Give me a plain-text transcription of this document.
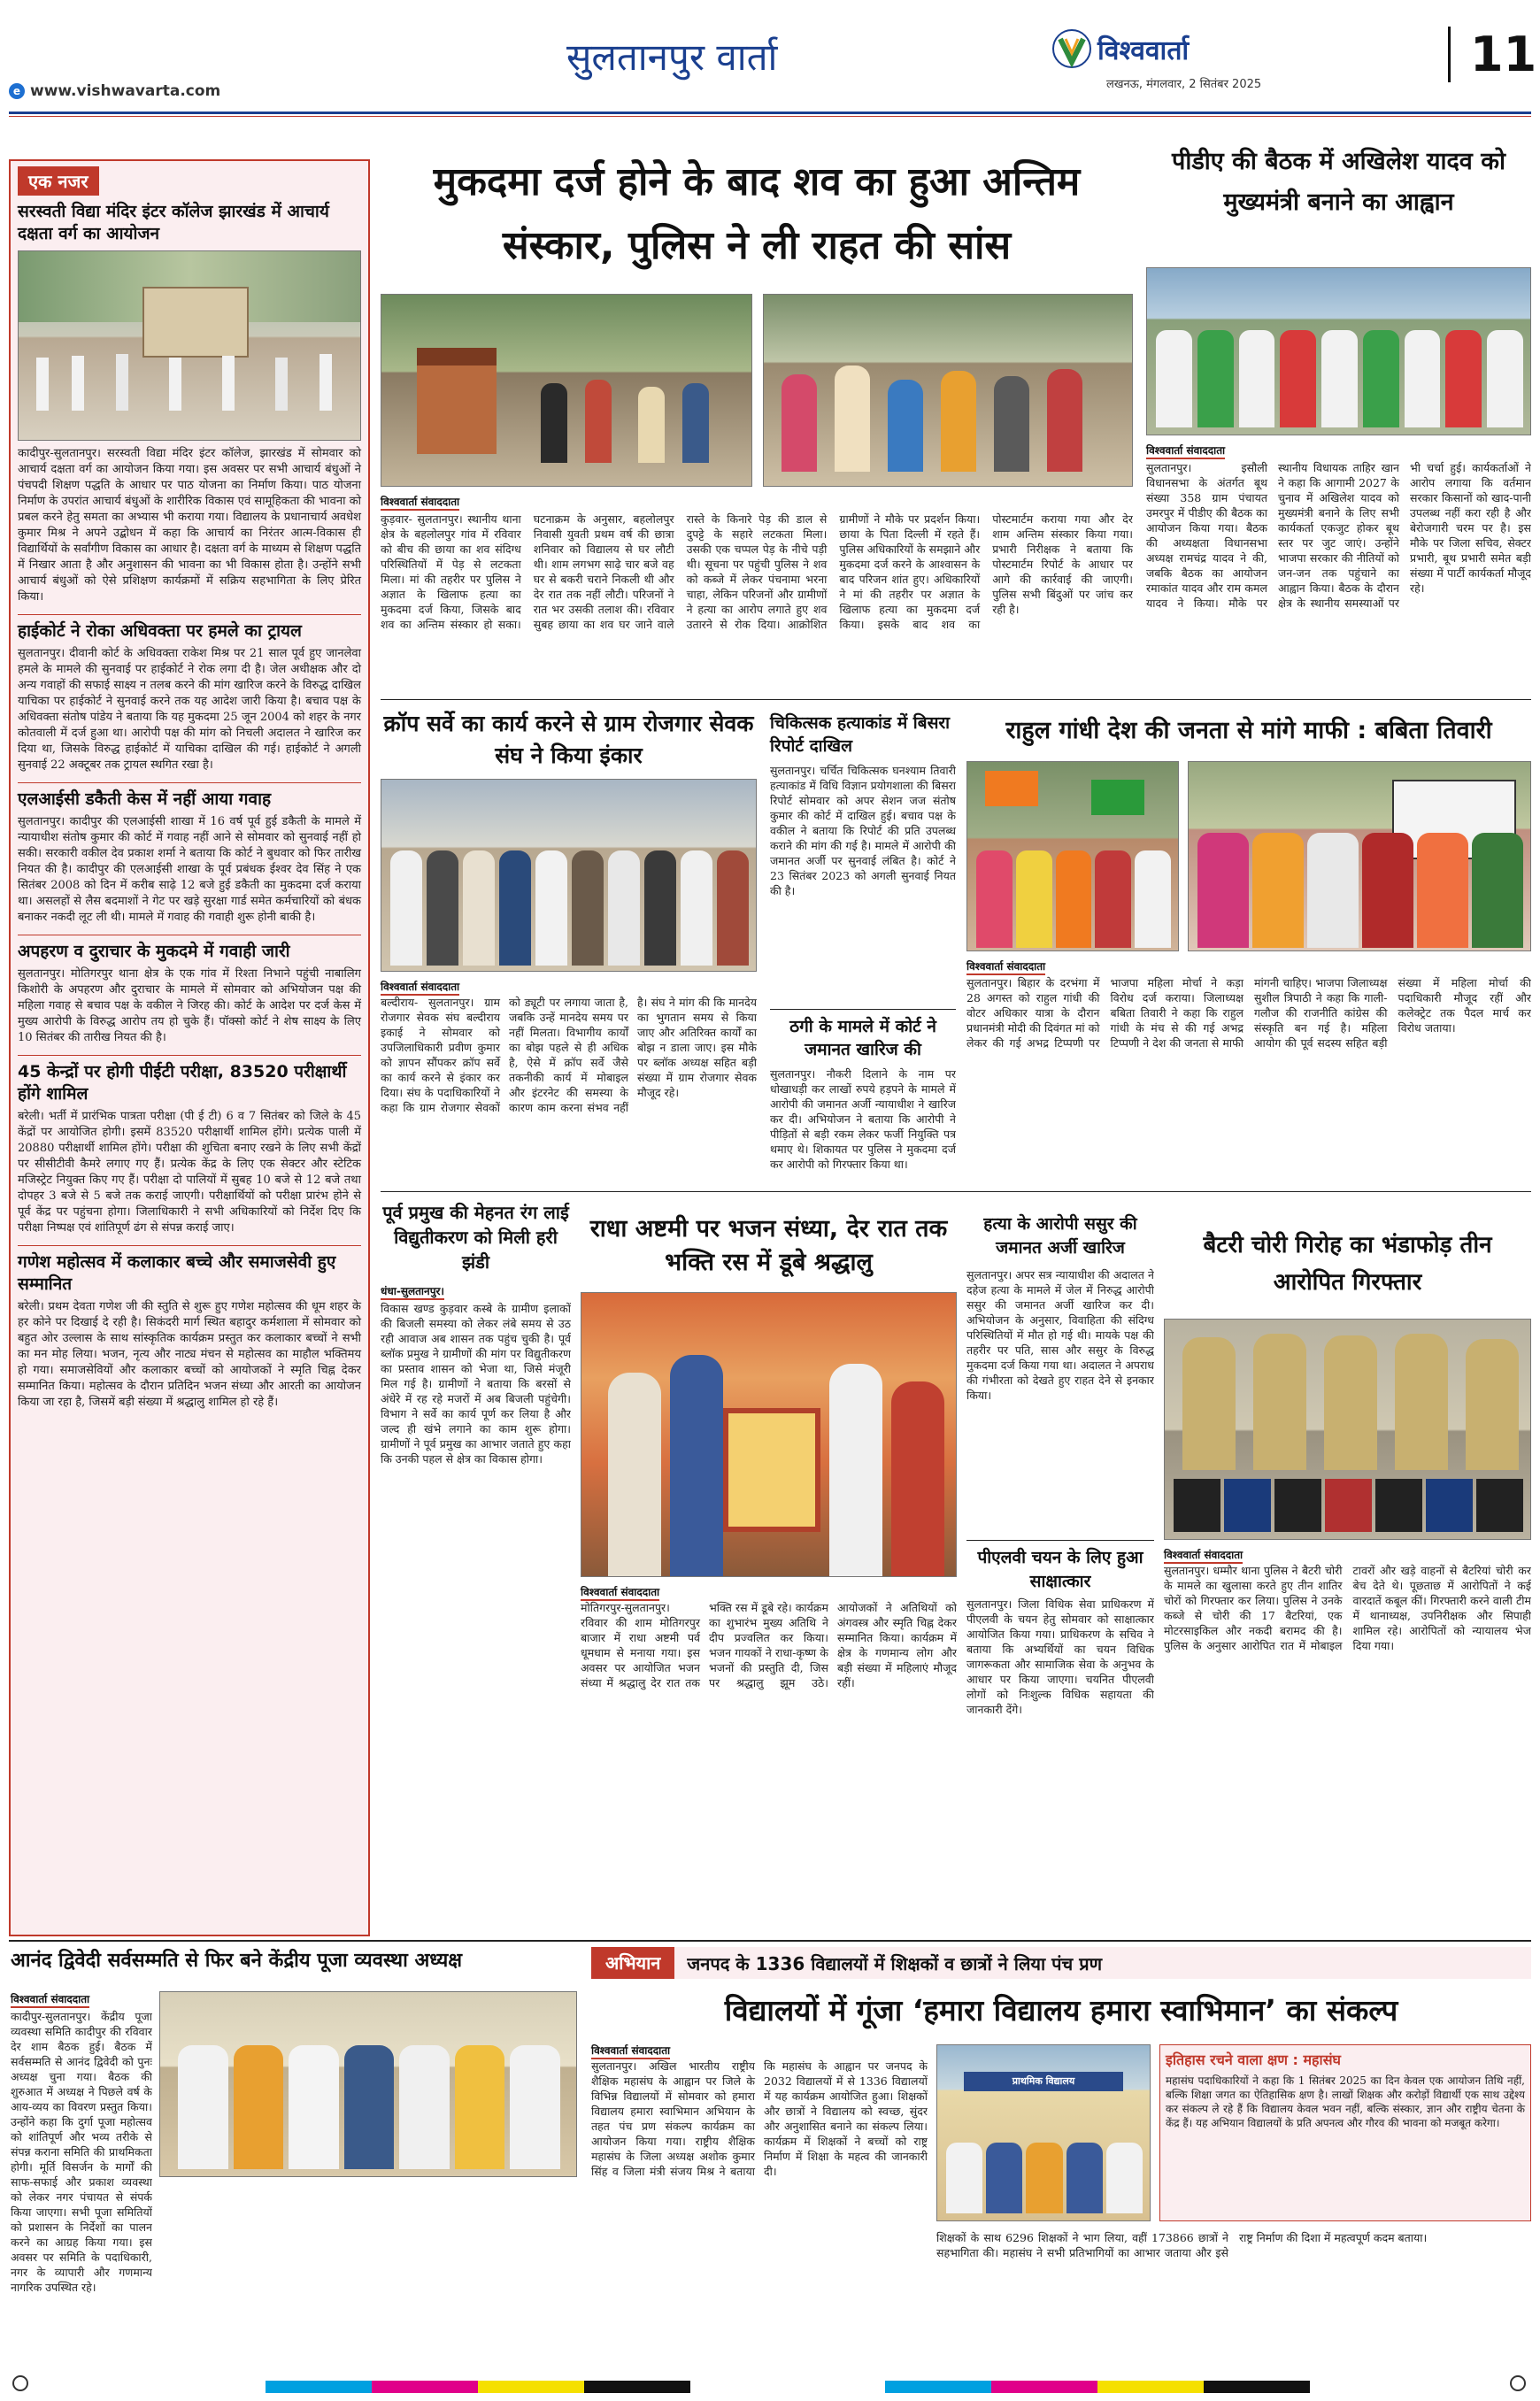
e www.vishwavarta.com
सुलतानपुर वार्ता	विश्ववार्ता
लखनऊ, मंगलवार, 2 सितंबर 2025
11
एक नजर
सरस्वती विद्या मंदिर इंटर कॉलेज झारखंड में आचार्य दक्षता वर्ग का आयोजन
कादीपुर-सुलतानपुर। सरस्वती विद्या मंदिर इंटर कॉलेज, झारखंड में सोमवार को आचार्य दक्षता वर्ग का आयोजन किया गया। इस अवसर पर सभी आचार्य बंधुओं ने पंचपदी शिक्षण पद्धति के आधार पर पाठ योजना का निर्माण किया। पाठ योजना निर्माण के उपरांत आचार्य बंधुओं के शारीरिक विकास एवं सामूहिकता की भावना को प्रबल करने हेतु समता का अभ्यास भी कराया गया। विद्यालय के प्रधानाचार्य अवधेश कुमार मिश्र ने अपने उद्बोधन में कहा कि आचार्य का निरंतर आत्म-विकास ही विद्यार्थियों के सर्वांगीण विकास का आधार है। दक्षता वर्ग के माध्यम से शिक्षण पद्धति में निखार आता है और अनुशासन की भावना का भी विकास होता है। उन्होंने सभी आचार्य बंधुओं को ऐसे प्रशिक्षण कार्यक्रमों में सक्रिय सहभागिता के लिए प्रेरित किया।
हाईकोर्ट ने रोका अधिवक्ता पर हमले का ट्रायल
सुलतानपुर। दीवानी कोर्ट के अधिवक्ता राकेश मिश्र पर 21 साल पूर्व हुए जानलेवा हमले के मामले की सुनवाई पर हाईकोर्ट ने रोक लगा दी है। जेल अधीक्षक और दो अन्य गवाहों की सफाई साक्ष्य न तलब करने की मांग खारिज करने के विरुद्ध दाखिल याचिका पर हाईकोर्ट ने सुनवाई करने तक यह आदेश जारी किया है। बचाव पक्ष के अधिवक्ता संतोष पांडेय ने बताया कि यह मुकदमा 25 जून 2004 को शहर के नगर कोतवाली में दर्ज हुआ था। आरोपी पक्ष की मांग को निचली अदालत ने खारिज कर दिया था, जिसके विरुद्ध हाईकोर्ट में याचिका दाखिल की गई। हाईकोर्ट ने अगली सुनवाई 22 अक्टूबर तक ट्रायल स्थगित रखा है।
एलआईसी डकैती केस में नहीं आया गवाह
सुलतानपुर। कादीपुर की एलआईसी शाखा में 16 वर्ष पूर्व हुई डकैती के मामले में न्यायाधीश संतोष कुमार की कोर्ट में गवाह नहीं आने से सोमवार को सुनवाई नहीं हो सकी। सरकारी वकील देव प्रकाश शर्मा ने बताया कि कोर्ट ने बुधवार को फिर तारीख नियत की है। कादीपुर की एलआईसी शाखा के पूर्व प्रबंधक ईश्वर देव सिंह ने एक सितंबर 2008 को दिन में करीब साढ़े 12 बजे हुई डकैती का मुकदमा दर्ज कराया था। असलहों से लैस बदमाशों ने गेट पर खड़े सुरक्षा गार्ड समेत कर्मचारियों को बंधक बनाकर नकदी लूट ली थी। मामले में गवाह की गवाही शुरू होनी बाकी है।
अपहरण व दुराचार के मुकदमे में गवाही जारी
सुलतानपुर। मोतिगरपुर थाना क्षेत्र के एक गांव में रिश्ता निभाने पहुंची नाबालिग किशोरी के अपहरण और दुराचार के मामले में सोमवार को अभियोजन पक्ष की महिला गवाह से बचाव पक्ष के वकील ने जिरह की। कोर्ट के आदेश पर दर्ज केस में मुख्य आरोपी के विरुद्ध आरोप तय हो चुके हैं। पॉक्सो कोर्ट ने शेष साक्ष्य के लिए 10 सितंबर की तारीख नियत की है।
45 केन्द्रों पर होगी पीईटी परीक्षा, 83520 परीक्षार्थी होंगे शामिल
बरेली। भर्ती में प्रारंभिक पात्रता परीक्षा (पी ई टी) 6 व 7 सितंबर को जिले के 45 केंद्रों पर आयोजित होगी। इसमें 83520 परीक्षार्थी शामिल होंगे। प्रत्येक पाली में 20880 परीक्षार्थी शामिल होंगे। परीक्षा की शुचिता बनाए रखने के लिए सभी केंद्रों पर सीसीटीवी कैमरे लगाए गए हैं। प्रत्येक केंद्र के लिए एक सेक्टर और स्टेटिक मजिस्ट्रेट नियुक्त किए गए हैं। परीक्षा दो पालियों में सुबह 10 बजे से 12 बजे तथा दोपहर 3 बजे से 5 बजे तक कराई जाएगी। परीक्षार्थियों को परीक्षा प्रारंभ होने से पूर्व केंद्र पर पहुंचना होगा। जिलाधिकारी ने सभी अधिकारियों को निर्देश दिए कि परीक्षा निष्पक्ष एवं शांतिपूर्ण ढंग से संपन्न कराई जाए।
गणेश महोत्सव में कलाकार बच्चे और समाजसेवी हुए सम्मानित
बरेली। प्रथम देवता गणेश जी की स्तुति से शुरू हुए गणेश महोत्सव की धूम शहर के हर कोने पर दिखाई दे रही है। सिकंदरी मार्ग स्थित बहादुर कर्मशाला में सोमवार को बहुत ओर उल्लास के साथ सांस्कृतिक कार्यक्रम प्रस्तुत कर कलाकार बच्चों ने सभी का मन मोह लिया। भजन, नृत्य और नाट्य मंचन से महोत्सव का माहौल भक्तिमय हो गया। समाजसेवियों और कलाकार बच्चों को आयोजकों ने स्मृति चिह्न देकर सम्मानित किया। महोत्सव के दौरान प्रतिदिन भजन संध्या और आरती का आयोजन किया जा रहा है, जिसमें बड़ी संख्या में श्रद्धालु शामिल हो रहे हैं।
मुकदमा दर्ज होने के बाद शव का हुआ अन्तिम संस्कार, पुलिस ने ली राहत की सांस
विश्ववार्ता संवाददाता
कुड़वार- सुलतानपुर। स्थानीय थाना क्षेत्र के बहलोलपुर गांव में रविवार को बीच की छाया का शव संदिग्ध परिस्थितियों में पेड़ से लटकता मिला। मां की तहरीर पर पुलिस ने अज्ञात के खिलाफ हत्या का मुकदमा दर्ज किया, जिसके बाद शव का अन्तिम संस्कार हो सका। घटनाक्रम के अनुसार, बहलोलपुर निवासी युवती प्रथम वर्ष की छात्रा शनिवार को विद्यालय से घर लौटी थी। शाम लगभग साढ़े चार बजे वह घर से बकरी चराने निकली थी और देर रात तक नहीं लौटी। परिजनों ने रात भर उसकी तलाश की। रविवार सुबह छाया का शव घर जाने वाले रास्ते के किनारे पेड़ की डाल से दुपट्टे के सहारे लटकता मिला। उसकी एक चप्पल पेड़ के नीचे पड़ी थी। सूचना पर पहुंची पुलिस ने शव को कब्जे में लेकर पंचनामा भरना चाहा, लेकिन परिजनों और ग्रामीणों ने हत्या का आरोप लगाते हुए शव उतारने से रोक दिया। आक्रोशित ग्रामीणों ने मौके पर प्रदर्शन किया। छाया के पिता दिल्ली में रहते हैं। पुलिस अधिकारियों के समझाने और मुकदमा दर्ज करने के आश्वासन के बाद परिजन शांत हुए। अधिकारियों ने मां की तहरीर पर अज्ञात के खिलाफ हत्या का मुकदमा दर्ज किया। इसके बाद शव का पोस्टमार्टम कराया गया और देर शाम अन्तिम संस्कार किया गया। प्रभारी निरीक्षक ने बताया कि पोस्टमार्टम रिपोर्ट के आधार पर आगे की कार्रवाई की जाएगी। पुलिस सभी बिंदुओं पर जांच कर रही है।
पीडीए की बैठक में अखिलेश यादव को मुख्यमंत्री बनाने का आह्वान
विश्ववार्ता संवाददाता
सुलतानपुर। इसौली विधानसभा के अंतर्गत बूथ संख्या 358 ग्राम पंचायत उमरपुर में पीडीए की बैठक का आयोजन किया गया। बैठक की अध्यक्षता विधानसभा अध्यक्ष रामचंद्र यादव ने की, जबकि बैठक का आयोजन रमाकांत यादव और राम कमल यादव ने किया। मौके पर स्थानीय विधायक ताहिर खान ने कहा कि आगामी 2027 के चुनाव में अखिलेश यादव को मुख्यमंत्री बनाने के लिए सभी कार्यकर्ता एकजुट होकर बूथ स्तर पर जुट जाएं। उन्होंने भाजपा सरकार की नीतियों को जन-जन तक पहुंचाने का आह्वान किया। बैठक के दौरान क्षेत्र के स्थानीय समस्याओं पर भी चर्चा हुई। कार्यकर्ताओं ने आरोप लगाया कि वर्तमान सरकार किसानों को खाद-पानी उपलब्ध नहीं करा रही है और बेरोजगारी चरम पर है। इस मौके पर जिला सचिव, सेक्टर प्रभारी, बूथ प्रभारी समेत बड़ी संख्या में पार्टी कार्यकर्ता मौजूद रहे।
क्रॉप सर्वे का कार्य करने से ग्राम रोजगार सेवक संघ ने किया इंकार
विश्ववार्ता संवाददाता
बल्दीराय- सुलतानपुर। ग्राम रोजगार सेवक संघ बल्दीराय इकाई ने सोमवार को उपजिलाधिकारी प्रवीण कुमार को ज्ञापन सौंपकर क्रॉप सर्वे का कार्य करने से इंकार कर दिया। संघ के पदाधिकारियों ने कहा कि ग्राम रोजगार सेवकों को ड्यूटी पर लगाया जाता है, जबकि उन्हें मानदेय समय पर नहीं मिलता। विभागीय कार्यों का बोझ पहले से ही अधिक है, ऐसे में क्रॉप सर्वे जैसे तकनीकी कार्य में मोबाइल और इंटरनेट की समस्या के कारण काम करना संभव नहीं है। संघ ने मांग की कि मानदेय का भुगतान समय से किया जाए और अतिरिक्त कार्यों का बोझ न डाला जाए। इस मौके पर ब्लॉक अध्यक्ष सहित बड़ी संख्या में ग्राम रोजगार सेवक मौजूद रहे।
चिकित्सक हत्याकांड में बिसरा रिपोर्ट दाखिल
सुलतानपुर। चर्चित चिकित्सक घनश्याम तिवारी हत्याकांड में विधि विज्ञान प्रयोगशाला की बिसरा रिपोर्ट सोमवार को अपर सेशन जज संतोष कुमार की कोर्ट में दाखिल हुई। बचाव पक्ष के वकील ने बताया कि रिपोर्ट की प्रति उपलब्ध कराने की मांग की गई है। मामले में आरोपी की जमानत अर्जी पर सुनवाई लंबित है। कोर्ट ने 23 सितंबर 2023 को अगली सुनवाई नियत की है।
ठगी के मामले में कोर्ट ने जमानत खारिज की
सुलतानपुर। नौकरी दिलाने के नाम पर धोखाधड़ी कर लाखों रुपये हड़पने के मामले में आरोपी की जमानत अर्जी न्यायाधीश ने खारिज कर दी। अभियोजन ने बताया कि आरोपी ने पीड़ितों से बड़ी रकम लेकर फर्जी नियुक्ति पत्र थमाए थे। शिकायत पर पुलिस ने मुकदमा दर्ज कर आरोपी को गिरफ्तार किया था।
राहुल गांधी देश की जनता से मांगे माफी : बबिता तिवारी
विश्ववार्ता संवाददाता
सुलतानपुर। बिहार के दरभंगा में 28 अगस्त को राहुल गांधी की वोटर अधिकार यात्रा के दौरान प्रधानमंत्री मोदी की दिवंगत मां को लेकर की गई अभद्र टिप्पणी पर भाजपा महिला मोर्चा ने कड़ा विरोध दर्ज कराया। जिलाध्यक्ष बबिता तिवारी ने कहा कि राहुल गांधी के मंच से की गई अभद्र टिप्पणी ने देश की जनता से माफी मांगनी चाहिए। भाजपा जिलाध्यक्ष सुशील त्रिपाठी ने कहा कि गाली-गलौज की राजनीति कांग्रेस की संस्कृति बन गई है। महिला आयोग की पूर्व सदस्य सहित बड़ी संख्या में महिला मोर्चा की पदाधिकारी मौजूद रहीं और कलेक्ट्रेट तक पैदल मार्च कर विरोध जताया।
पूर्व प्रमुख की मेहनत रंग लाई विद्युतीकरण को मिली हरी झंडी
धंधा-सुलतानपुर।
विकास खण्ड कुड़वार कस्बे के ग्रामीण इलाकों की बिजली समस्या को लेकर लंबे समय से उठ रही आवाज अब शासन तक पहुंच चुकी है। पूर्व ब्लॉक प्रमुख ने ग्रामीणों की मांग पर विद्युतीकरण का प्रस्ताव शासन को भेजा था, जिसे मंजूरी मिल गई है। ग्रामीणों ने बताया कि बरसों से अंधेरे में रह रहे मजरों में अब बिजली पहुंचेगी। विभाग ने सर्वे का कार्य पूर्ण कर लिया है और जल्द ही खंभे लगाने का काम शुरू होगा। ग्रामीणों ने पूर्व प्रमुख का आभार जताते हुए कहा कि उनकी पहल से क्षेत्र का विकास होगा।
राधा अष्टमी पर भजन संध्या, देर रात तक भक्ति रस में डूबे श्रद्धालु
विश्ववार्ता संवाददाता
मोतिगरपुर-सुलतानपुर। रविवार की शाम मोतिगरपुर बाजार में राधा अष्टमी पर्व धूमधाम से मनाया गया। इस अवसर पर आयोजित भजन संध्या में श्रद्धालु देर रात तक भक्ति रस में डूबे रहे। कार्यक्रम का शुभारंभ मुख्य अतिथि ने दीप प्रज्वलित कर किया। भजन गायकों ने राधा-कृष्ण के भजनों की प्रस्तुति दी, जिस पर श्रद्धालु झूम उठे। आयोजकों ने अतिथियों को अंगवस्त्र और स्मृति चिह्न देकर सम्मानित किया। कार्यक्रम में क्षेत्र के गणमान्य लोग और बड़ी संख्या में महिलाएं मौजूद रहीं।
हत्या के आरोपी ससुर की जमानत अर्जी खारिज
सुलतानपुर। अपर सत्र न्यायाधीश की अदालत ने दहेज हत्या के मामले में जेल में निरुद्ध आरोपी ससुर की जमानत अर्जी खारिज कर दी। अभियोजन के अनुसार, विवाहिता की संदिग्ध परिस्थितियों में मौत हो गई थी। मायके पक्ष की तहरीर पर पति, सास और ससुर के विरुद्ध मुकदमा दर्ज किया गया था। अदालत ने अपराध की गंभीरता को देखते हुए राहत देने से इनकार किया।
पीएलवी चयन के लिए हुआ साक्षात्कार
सुलतानपुर। जिला विधिक सेवा प्राधिकरण में पीएलवी के चयन हेतु सोमवार को साक्षात्कार आयोजित किया गया। प्राधिकरण के सचिव ने बताया कि अभ्यर्थियों का चयन विधिक जागरूकता और सामाजिक सेवा के अनुभव के आधार पर किया जाएगा। चयनित पीएलवी लोगों को निःशुल्क विधिक सहायता की जानकारी देंगे।
बैटरी चोरी गिरोह का भंडाफोड़ तीन आरोपित गिरफ्तार
विश्ववार्ता संवाददाता
सुलतानपुर। धम्मौर थाना पुलिस ने बैटरी चोरी के मामले का खुलासा करते हुए तीन शातिर चोरों को गिरफ्तार कर लिया। पुलिस ने उनके कब्जे से चोरी की 17 बैटरियां, एक मोटरसाइकिल और नकदी बरामद की है। पुलिस के अनुसार आरोपित रात में मोबाइल टावरों और खड़े वाहनों से बैटरियां चोरी कर बेच देते थे। पूछताछ में आरोपितों ने कई वारदातें कबूल कीं। गिरफ्तारी करने वाली टीम में थानाध्यक्ष, उपनिरीक्षक और सिपाही शामिल रहे। आरोपितों को न्यायालय भेज दिया गया।
आनंद द्विवेदी सर्वसम्मति से फिर बने केंद्रीय पूजा व्यवस्था अध्यक्ष
विश्ववार्ता संवाददाता
कादीपुर-सुलतानपुर। केंद्रीय पूजा व्यवस्था समिति कादीपुर की रविवार देर शाम बैठक हुई। बैठक में सर्वसम्मति से आनंद द्विवेदी को पुनः अध्यक्ष चुना गया। बैठक की शुरुआत में अध्यक्ष ने पिछले वर्ष के आय-व्यय का विवरण प्रस्तुत किया। उन्होंने कहा कि दुर्गा पूजा महोत्सव को शांतिपूर्ण और भव्य तरीके से संपन्न कराना समिति की प्राथमिकता होगी। मूर्ति विसर्जन के मार्गों की साफ-सफाई और प्रकाश व्यवस्था को लेकर नगर पंचायत से संपर्क किया जाएगा। सभी पूजा समितियों को प्रशासन के निर्देशों का पालन करने का आग्रह किया गया। इस अवसर पर समिति के पदाधिकारी, नगर के व्यापारी और गणमान्य नागरिक उपस्थित रहे।
अभियान	जनपद के 1336 विद्यालयों में शिक्षकों व छात्रों ने लिया पंच प्रण
विद्यालयों में गूंजा ‘हमारा विद्यालय हमारा स्वाभिमान’ का संकल्प
विश्ववार्ता संवाददाता
सुलतानपुर। अखिल भारतीय राष्ट्रीय शैक्षिक महासंघ के आह्वान पर जिले के विभिन्न विद्यालयों में सोमवार को हमारा विद्यालय हमारा स्वाभिमान अभियान के तहत पंच प्रण संकल्प कार्यक्रम का आयोजन किया गया। राष्ट्रीय शैक्षिक महासंघ के जिला अध्यक्ष अशोक कुमार सिंह व जिला मंत्री संजय मिश्र ने बताया कि महासंघ के आह्वान पर जनपद के 2032 विद्यालयों में से 1336 विद्यालयों में यह कार्यक्रम आयोजित हुआ। शिक्षकों और छात्रों ने विद्यालय को स्वच्छ, सुंदर और अनुशासित बनाने का संकल्प लिया। कार्यक्रम में शिक्षकों ने बच्चों को राष्ट्र निर्माण में शिक्षा के महत्व की जानकारी दी।
प्राथमिक विद्यालय
इतिहास रचने वाला क्षण : महासंघ
महासंघ पदाधिकारियों ने कहा कि 1 सितंबर 2025 का दिन केवल एक आयोजन तिथि नहीं, बल्कि शिक्षा जगत का ऐतिहासिक क्षण है। लाखों शिक्षक और करोड़ों विद्यार्थी एक साथ उद्देश्य कर संकल्प ले रहे हैं कि विद्यालय केवल भवन नहीं, बल्कि संस्कार, ज्ञान और राष्ट्रीय चेतना के केंद्र हैं। यह अभियान विद्यालयों के प्रति अपनत्व और गौरव की भावना को मजबूत करेगा।
शिक्षकों के साथ 6296 शिक्षकों ने भाग लिया, वहीं 173866 छात्रों ने सहभागिता की। महासंघ ने सभी प्रतिभागियों का आभार जताया और इसे राष्ट्र निर्माण की दिशा में महत्वपूर्ण कदम बताया।
